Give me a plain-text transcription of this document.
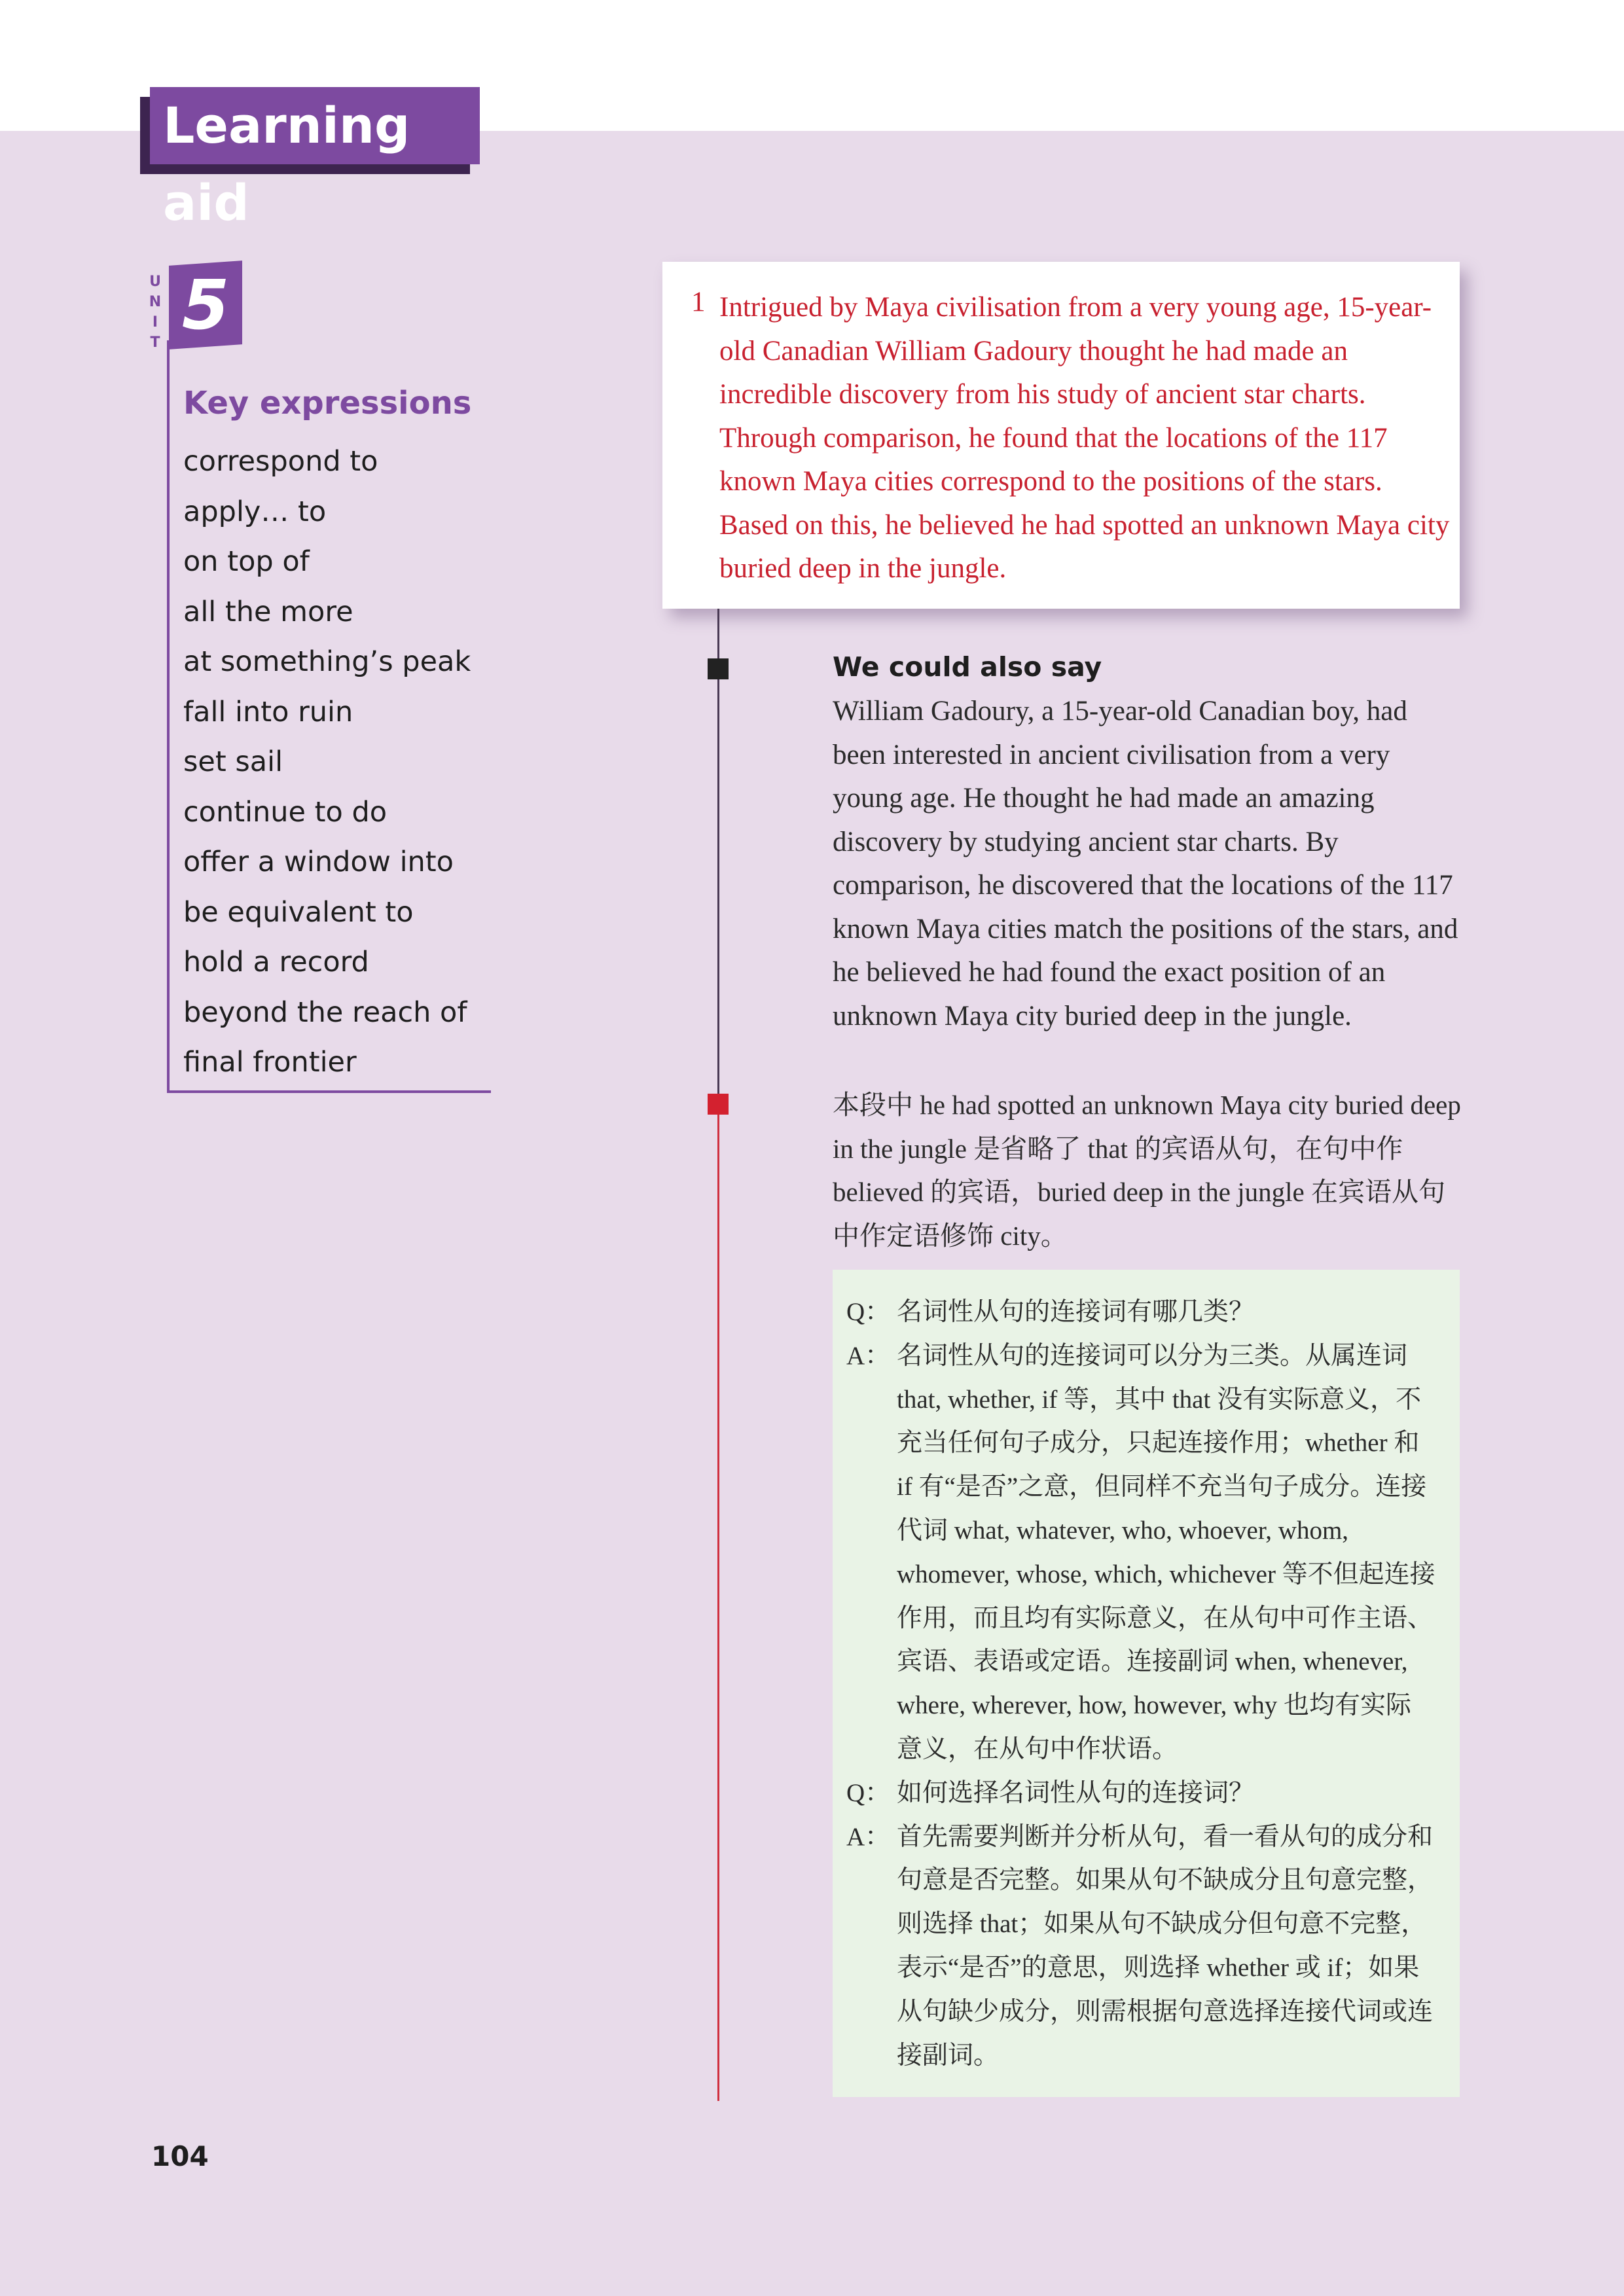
Learning aid
U
N
I
T 5
Key expressions
correspond to
apply… to
on top of
all the more
at something’s peak
fall into ruin
set sail
continue to do
offer a window into
be equivalent to
hold a record
beyond the reach of
final frontier
1 Intrigued by Maya civilisation from a very young age, 15-year-old Canadian William Gadoury thought he had made an incredible discovery from his study of ancient star charts. Through comparison, he found that the locations of the 117 known Maya cities correspond to the positions of the stars. Based on this, he believed he had spotted an unknown Maya city buried deep in the jungle.
We could also say
William Gadoury, a 15-year-old Canadian boy, had been interested in ancient civilisation from a very young age. He thought he had made an amazing discovery by studying ancient star charts. By comparison, he discovered that the locations of the 117 known Maya cities match the positions of the stars, and he believed he had found the exact position of an unknown Maya city buried deep in the jungle.
本段中 he had spotted an unknown Maya city buried deep in the jungle 是省略了 that 的宾语从句，在句中作 believed 的宾语，buried deep in the jungle 在宾语从句中作定语修饰 city。
Q： 名词性从句的连接词有哪几类？
A： 名词性从句的连接词可以分为三类。从属连词 that, whether, if 等，其中 that 没有实际意义，不充当任何句子成分，只起连接作用；whether 和 if 有“是否”之意，但同样不充当句子成分。连接代词 what, whatever, who, whoever, whom, whomever, whose, which, whichever 等不但起连接作用，而且均有实际意义，在从句中可作主语、宾语、表语或定语。连接副词 when, whenever, where, wherever, how, however, why 也均有实际意义，在从句中作状语。
Q： 如何选择名词性从句的连接词？
A： 首先需要判断并分析从句，看一看从句的成分和句意是否完整。如果从句不缺成分且句意完整，则选择 that；如果从句不缺成分但句意不完整，表示“是否”的意思，则选择 whether 或 if；如果从句缺少成分，则需根据句意选择连接代词或连接副词。
104
